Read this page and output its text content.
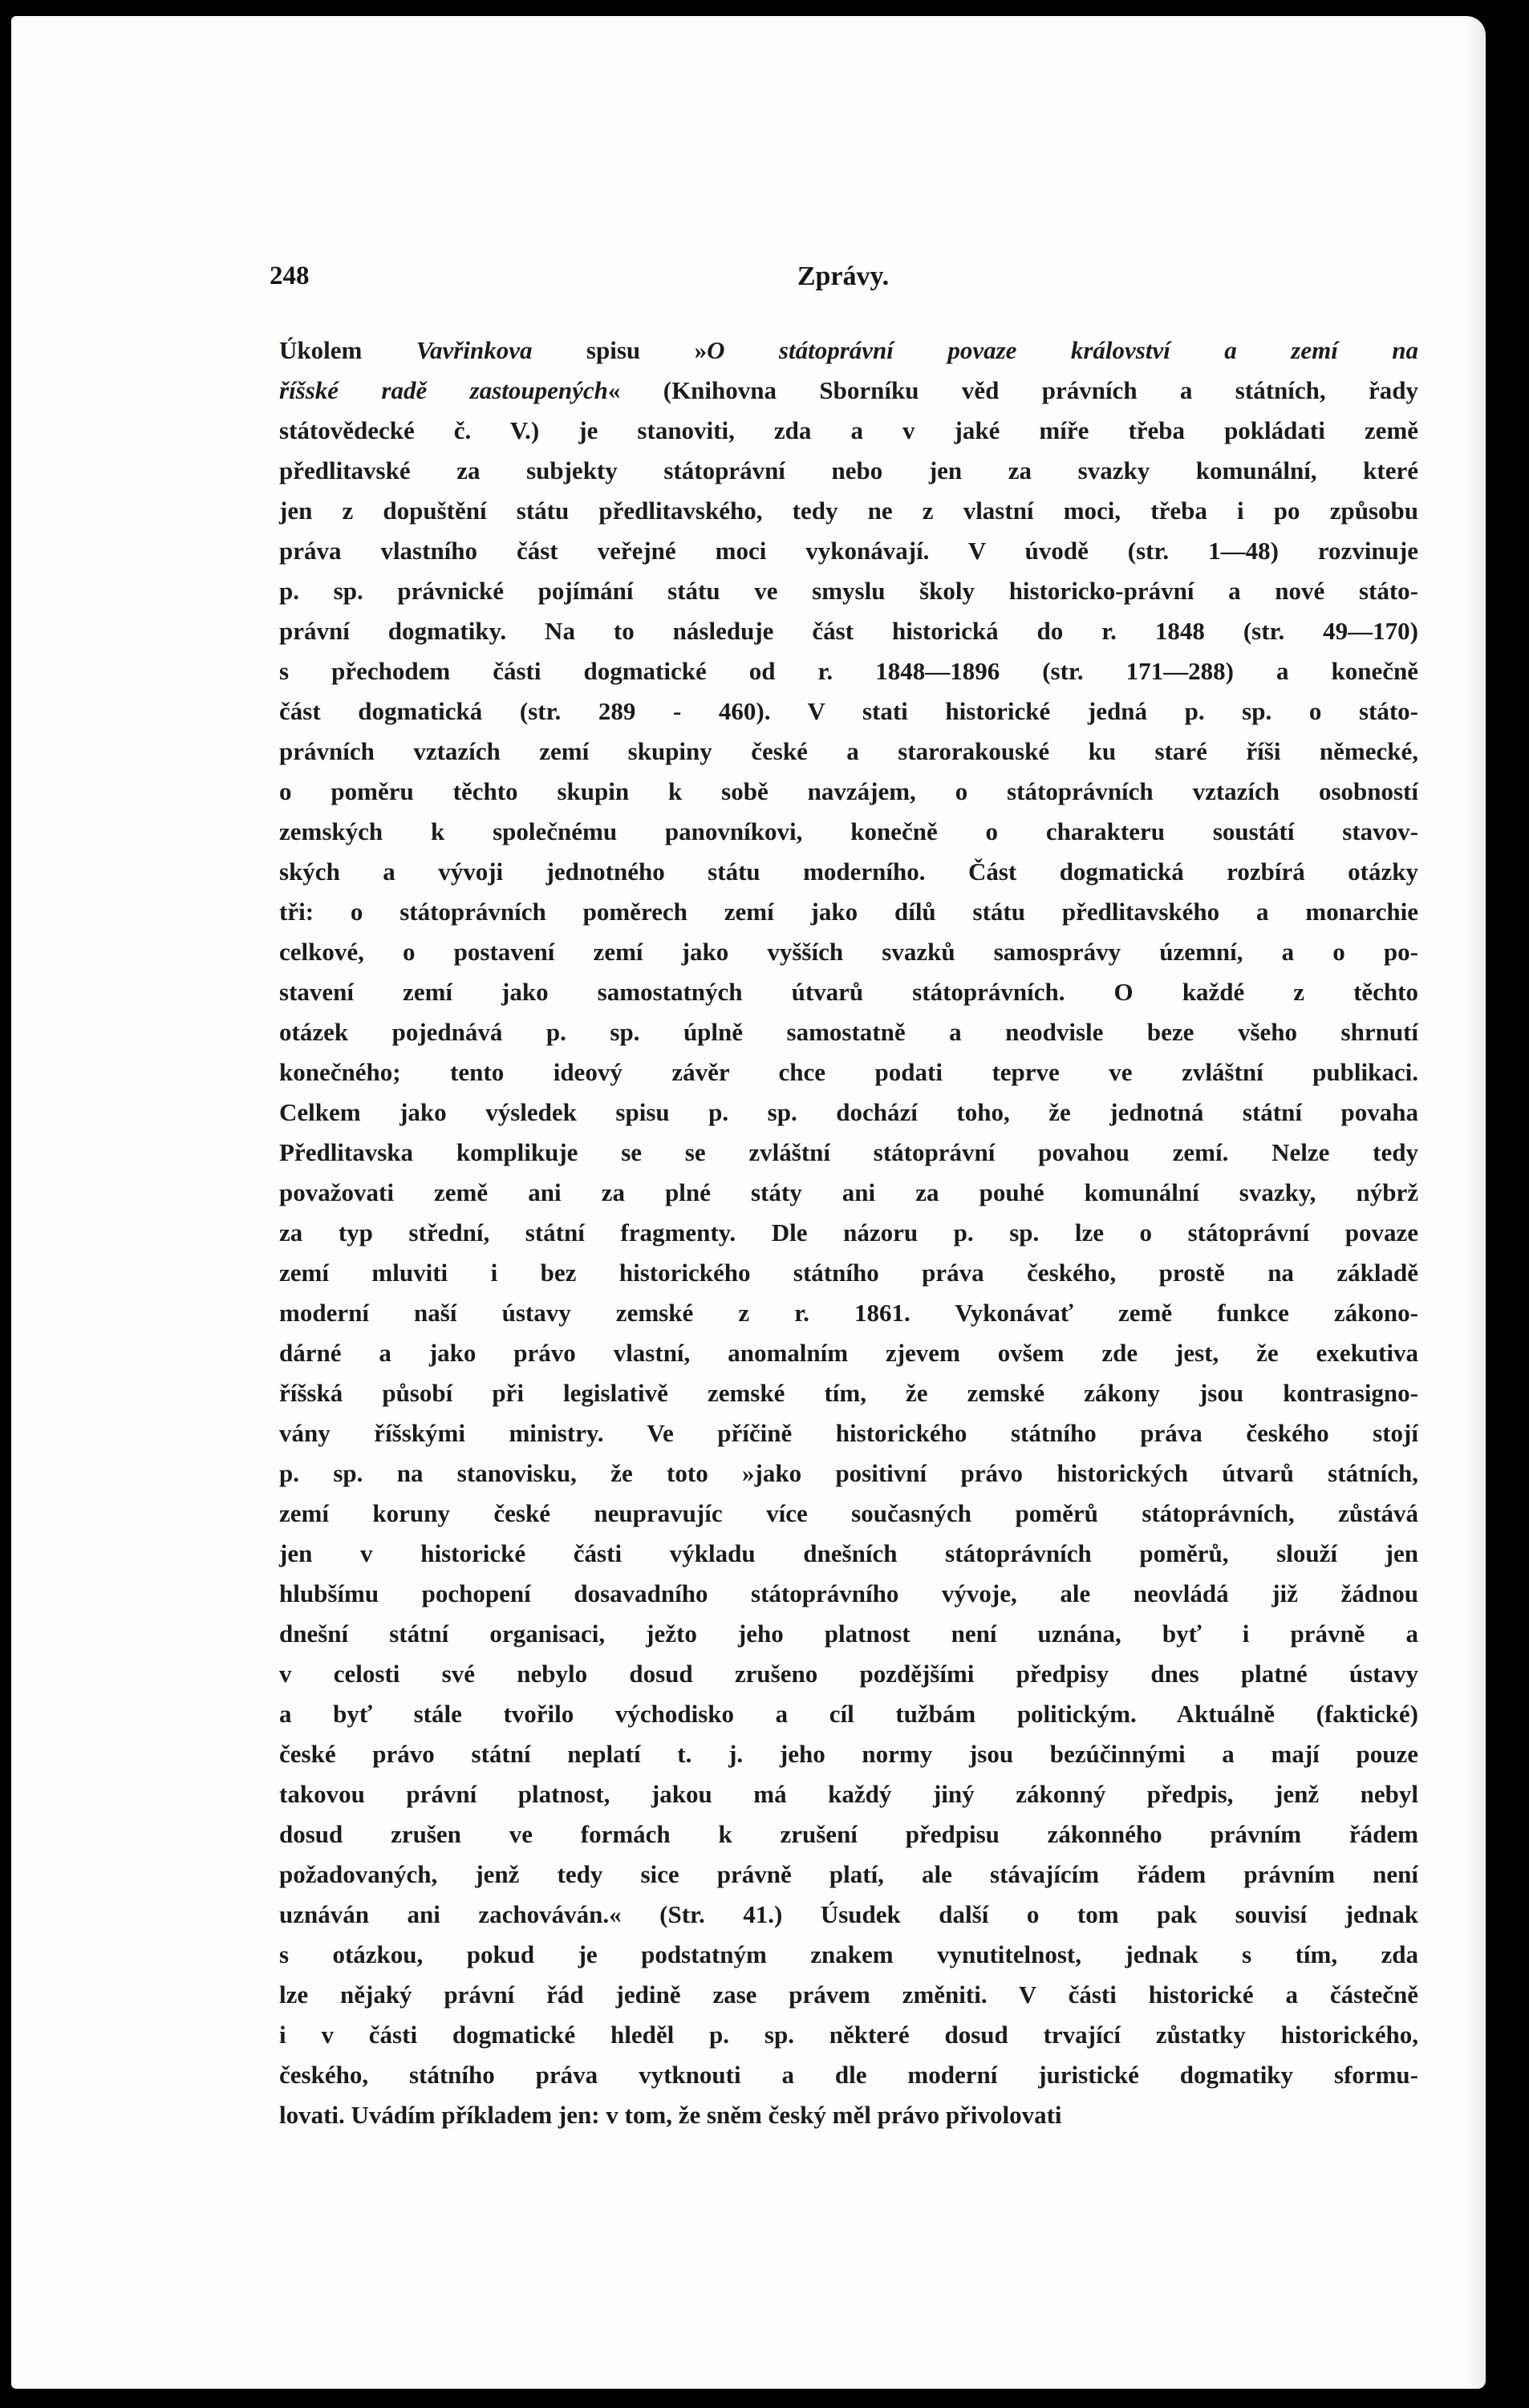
248	Zprávy.
Úkolem Vavřinkova spisu »O státoprávní povaze království a zemí na
říšské radě zastoupených« (Knihovna Sborníku věd právních a státních, řady
státovědecké č. V.) je stanoviti, zda a v jaké míře třeba pokládati země
předlitavské za subjekty státoprávní nebo jen za svazky komunální, které
jen z dopuštění státu předlitavského, tedy ne z vlastní moci, třeba i po způsobu
práva vlastního část veřejné moci vykonávají. V úvodě (str. 1—48) rozvinuje
p. sp. právnické pojímání státu ve smyslu školy historicko-právní a nové státo-
právní dogmatiky. Na to následuje část historická do r. 1848 (str. 49—170)
s přechodem části dogmatické od r. 1848—1896 (str. 171—288) a konečně
část dogmatická (str. 289 - 460). V stati historické jedná p. sp. o státo-
právních vztazích zemí skupiny české a starorakouské ku staré říši německé,
o poměru těchto skupin k sobě navzájem, o státoprávních vztazích osobností
zemských k společnému panovníkovi, konečně o charakteru soustátí stavov-
ských a vývoji jednotného státu moderního. Část dogmatická rozbírá otázky
tři: o státoprávních poměrech zemí jako dílů státu předlitavského a monarchie
celkové, o postavení zemí jako vyšších svazků samosprávy územní, a o po-
stavení zemí jako samostatných útvarů státoprávních. O každé z těchto
otázek pojednává p. sp. úplně samostatně a neodvisle beze všeho shrnutí
konečného; tento ideový závěr chce podati teprve ve zvláštní publikaci.
Celkem jako výsledek spisu p. sp. dochází toho, že jednotná státní povaha
Předlitavska komplikuje se se zvláštní státoprávní povahou zemí. Nelze tedy
považovati země ani za plné státy ani za pouhé komunální svazky, nýbrž
za typ střední, státní fragmenty. Dle názoru p. sp. lze o státoprávní povaze
zemí mluviti i bez historického státního práva českého, prostě na základě
moderní naší ústavy zemské z r. 1861. Vykonávať země funkce zákono-
dárné a jako právo vlastní, anomalním zjevem ovšem zde jest, že exekutiva
říšská působí při legislativě zemské tím, že zemské zákony jsou kontrasigno-
vány říšskými ministry. Ve příčině historického státního práva českého stojí
p. sp. na stanovisku, že toto »jako positivní právo historických útvarů státních,
zemí koruny české neupravujíc více současných poměrů státoprávních, zůstává
jen v historické části výkladu dnešních státoprávních poměrů, slouží jen
hlubšímu pochopení dosavadního státoprávního vývoje, ale neovládá již žádnou
dnešní státní organisaci, ježto jeho platnost není uznána, byť i právně a
v celosti své nebylo dosud zrušeno pozdějšími předpisy dnes platné ústavy
a byť stále tvořilo východisko a cíl tužbám politickým. Aktuálně (faktické)
české právo státní neplatí t. j. jeho normy jsou bezúčinnými a mají pouze
takovou právní platnost, jakou má každý jiný zákonný předpis, jenž nebyl
dosud zrušen ve formách k zrušení předpisu zákonného právním řádem
požadovaných, jenž tedy sice právně platí, ale stávajícím řádem právním není
uznáván ani zachováván.« (Str. 41.) Úsudek další o tom pak souvisí jednak
s otázkou, pokud je podstatným znakem vynutitelnost, jednak s tím, zda
lze nějaký právní řád jedině zase právem změniti. V části historické a částečně
i v části dogmatické hleděl p. sp. některé dosud trvající zůstatky historického,
českého, státního práva vytknouti a dle moderní juristické dogmatiky sformu-
lovati. Uvádím příkladem jen: v tom, že sněm český měl právo přivolovati
